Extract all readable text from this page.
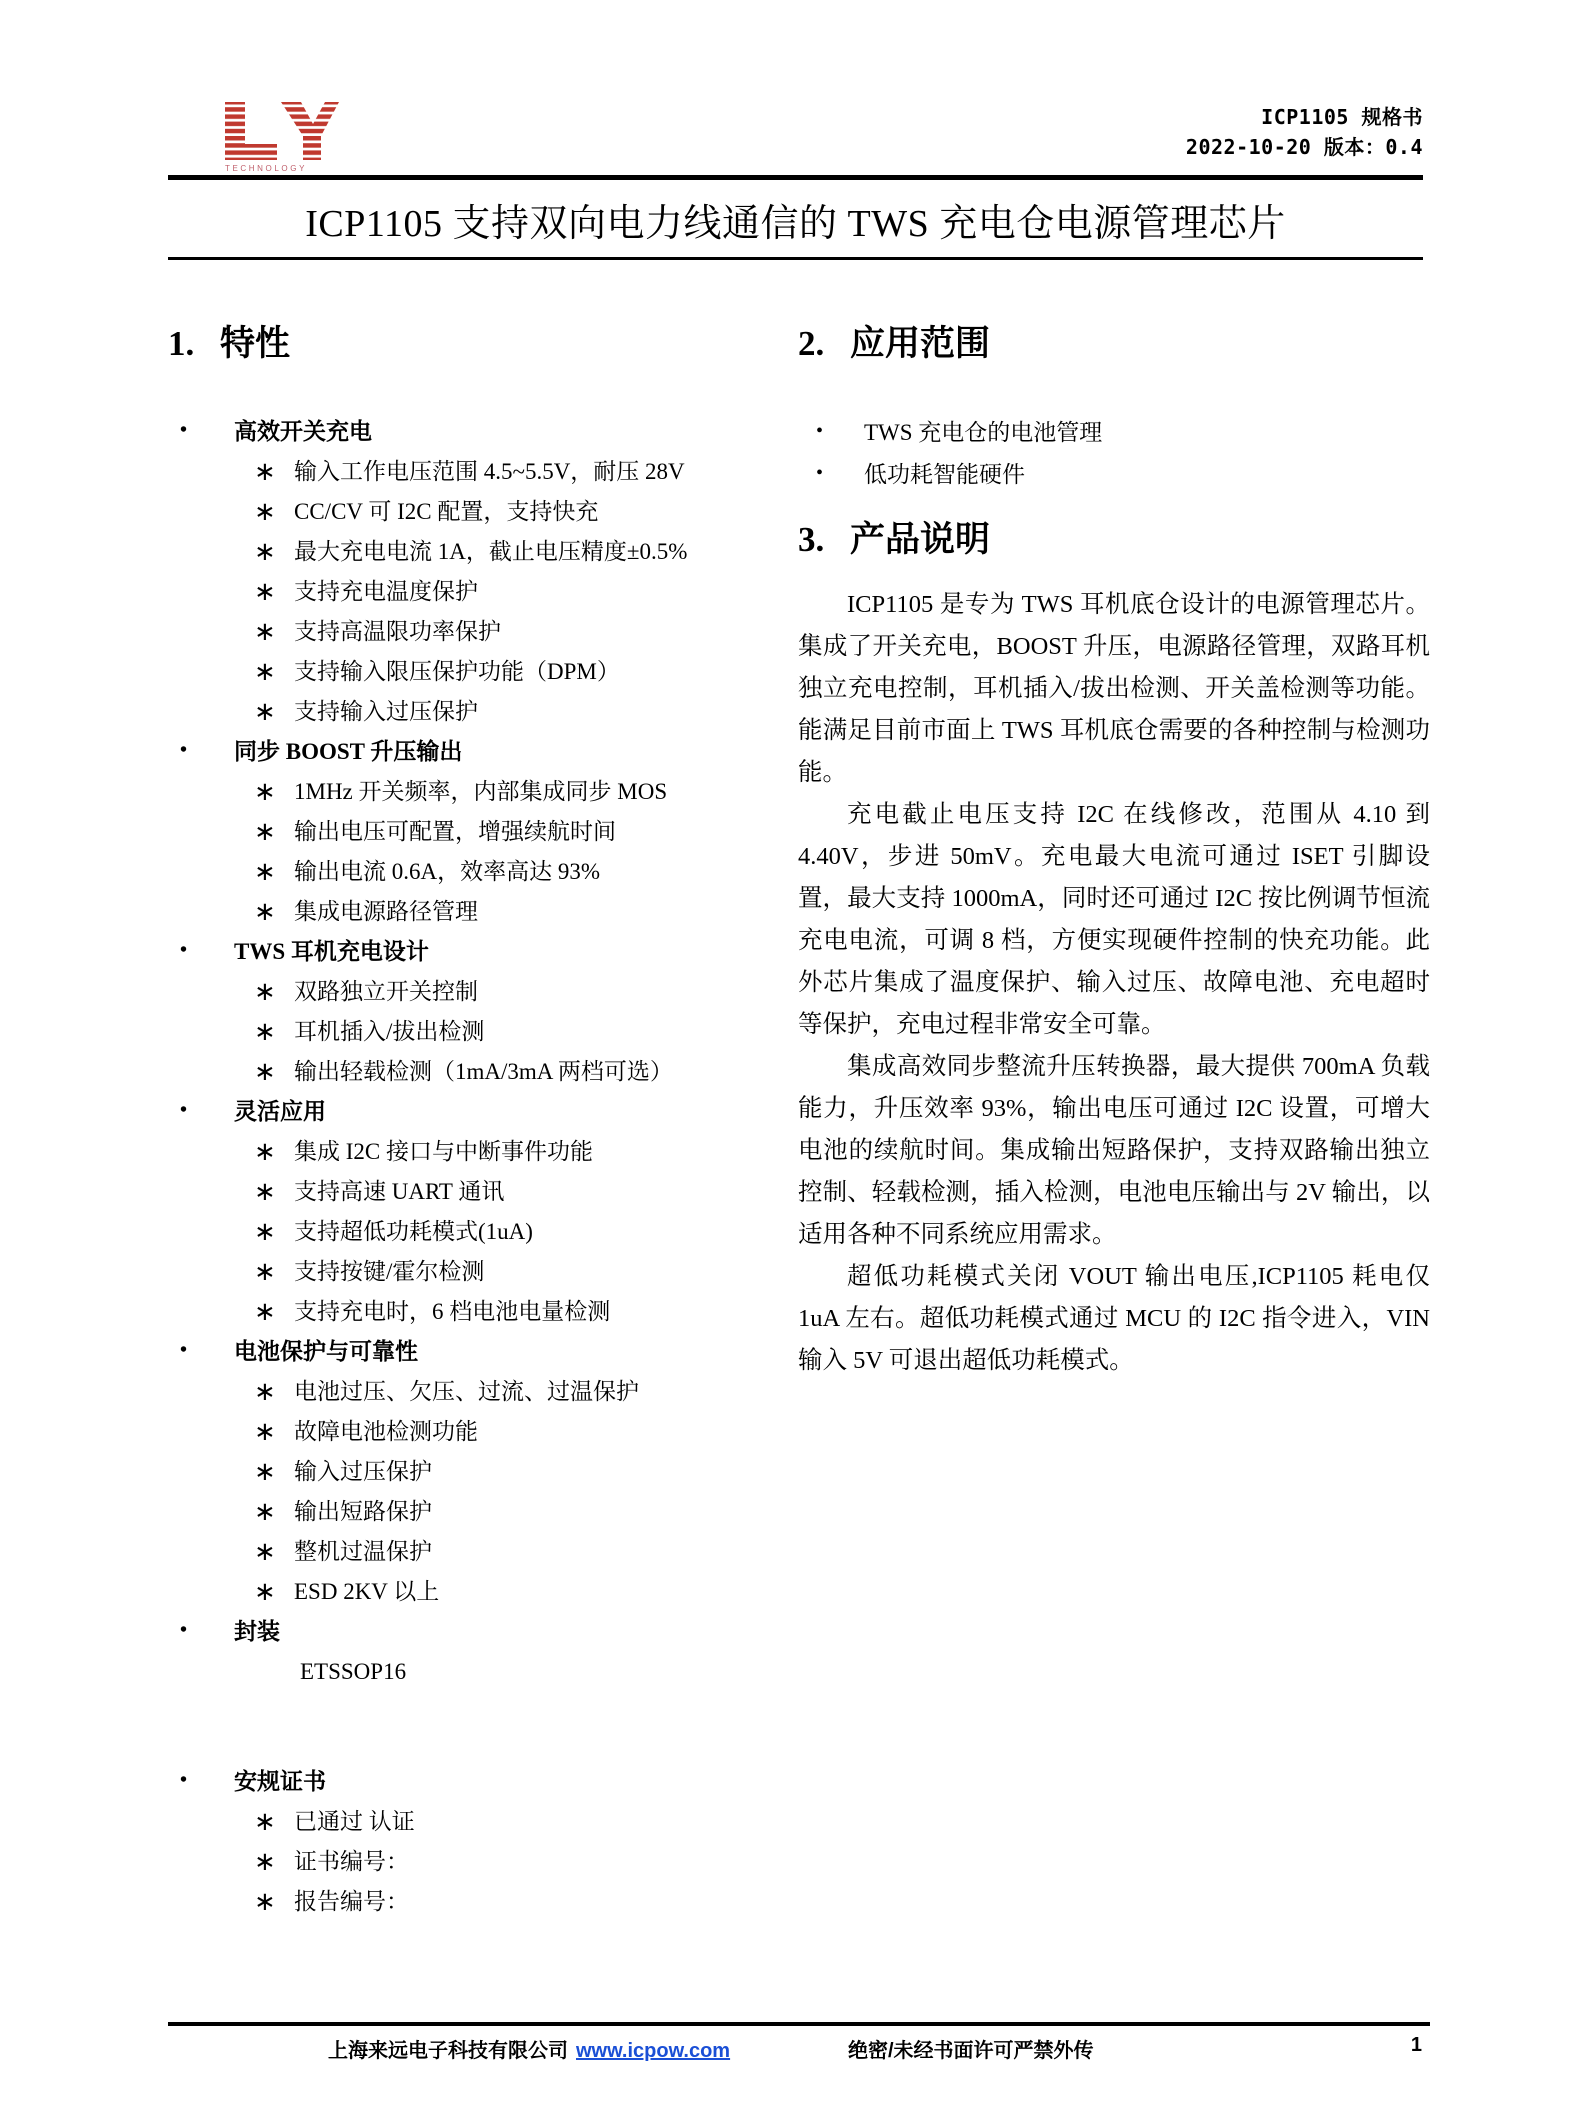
TECHNOLOGY
ICP1105 规格书
2022-10-20 版本：0.4
ICP1105 支持双向电力线通信的 TWS 充电仓电源管理芯片
1. 特性
• 高效开关充电
∗ 输入工作电压范围 4.5~5.5V，耐压 28V
∗ CC/CV 可 I2C 配置，支持快充
∗ 最大充电电流 1A，截止电压精度±0.5%
∗ 支持充电温度保护
∗ 支持高温限功率保护
∗ 支持输入限压保护功能（DPM）
∗ 支持输入过压保护
• 同步 BOOST 升压输出
∗ 1MHz 开关频率，内部集成同步 MOS
∗ 输出电压可配置，增强续航时间
∗ 输出电流 0.6A，效率高达 93%
∗ 集成电源路径管理
• TWS 耳机充电设计
∗ 双路独立开关控制
∗ 耳机插入/拔出检测
∗ 输出轻载检测（1mA/3mA 两档可选）
• 灵活应用
∗ 集成 I2C 接口与中断事件功能
∗ 支持高速 UART 通讯
∗ 支持超低功耗模式(1uA)
∗ 支持按键/霍尔检测
∗ 支持充电时，6 档电池电量检测
• 电池保护与可靠性
∗ 电池过压、欠压、过流、过温保护
∗ 故障电池检测功能
∗ 输入过压保护
∗ 输出短路保护
∗ 整机过温保护
∗ ESD 2KV 以上
• 封装
ETSSOP16
• 安规证书
∗ 已通过 认证
∗ 证书编号：
∗ 报告编号：
2. 应用范围
• TWS 充电仓的电池管理
• 低功耗智能硬件
3. 产品说明

ICP1105 是专为 TWS 耳机底仓设计的电源管理芯片。集成了开关充电，BOOST 升压，电源路径管理，双路耳机独立充电控制，耳机插入/拔出检测、开关盖检测等功能。能满足目前市面上 TWS 耳机底仓需要的各种控制与检测功能。

充电截止电压支持 I2C 在线修改，范围从 4.10 到 4.40V，步进 50mV。充电最大电流可通过 ISET 引脚设置，最大支持 1000mA，同时还可通过 I2C 按比例调节恒流充电电流，可调 8 档，方便实现硬件控制的快充功能。此外芯片集成了温度保护、输入过压、故障电池、充电超时等保护，充电过程非常安全可靠。

集成高效同步整流升压转换器，最大提供 700mA 负载能力，升压效率 93%，输出电压可通过 I2C 设置，可增大电池的续航时间。集成输出短路保护，支持双路输出独立控制、轻载检测，插入检测，电池电压输出与 2V 输出，以适用各种不同系统应用需求。

超低功耗模式关闭 VOUT 输出电压,ICP1105 耗电仅 1uA 左右。超低功耗模式通过 MCU 的 I2C 指令进入，VIN 输入 5V 可退出超低功耗模式。

上海来远电子科技有限公司 www.icpow.com	绝密/未经书面许可严禁外传	1
